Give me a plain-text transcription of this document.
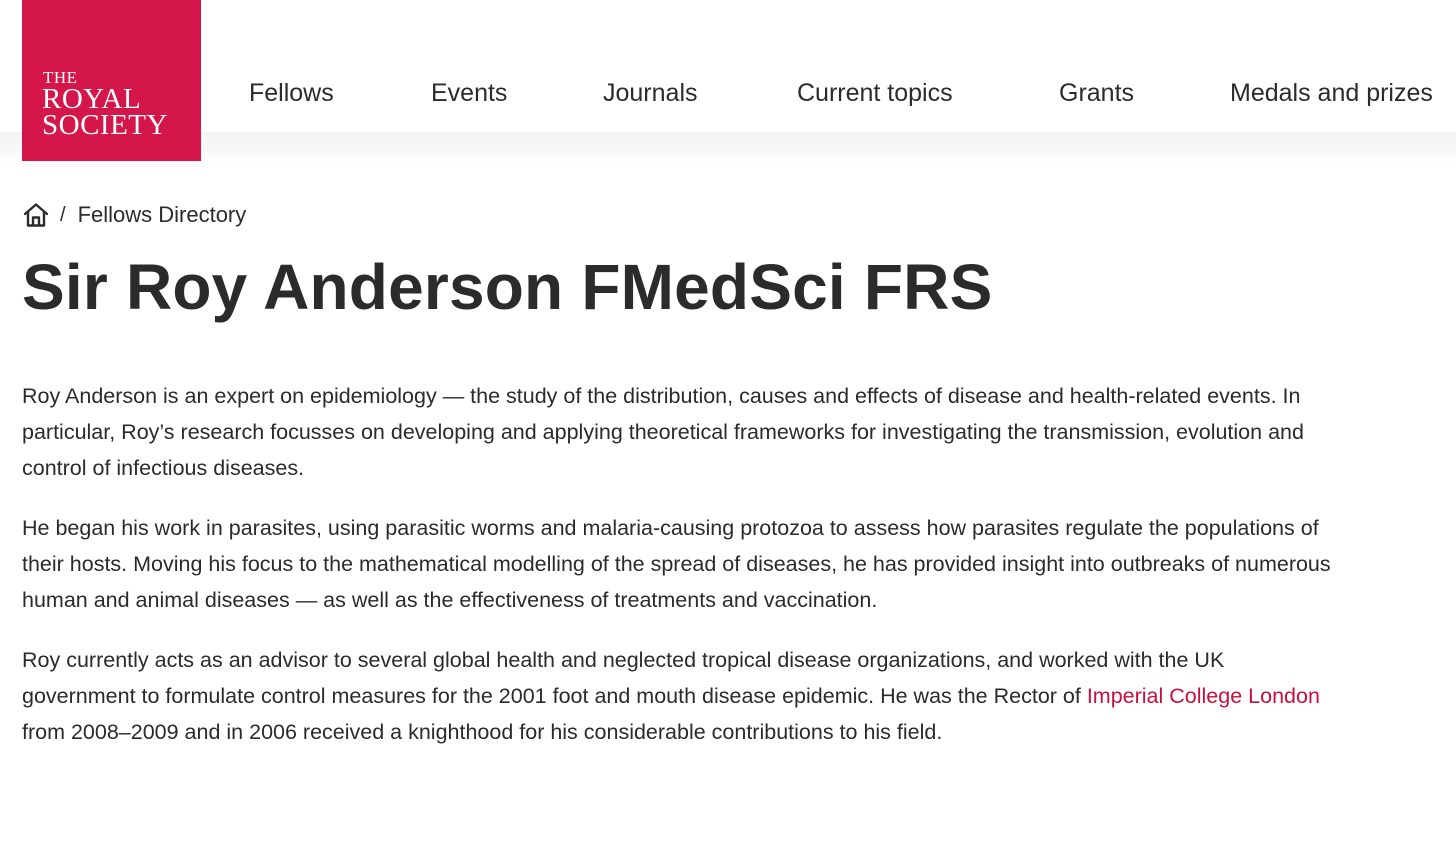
Fellows	Events	Journals	Current topics	Grants	Medals and prizes
THE
ROYAL
SOCIETY
/ Fellows Directory
Sir Roy Anderson FMedSci FRS

Roy Anderson is an expert on epidemiology — the study of the distribution, causes and effects of disease and health-related events. In particular, Roy’s research focusses on developing and applying theoretical frameworks for investigating the transmission, evolution and control of infectious diseases.

He began his work in parasites, using parasitic worms and malaria-causing protozoa to assess how parasites regulate the populations of their hosts. Moving his focus to the mathematical modelling of the spread of diseases, he has provided insight into outbreaks of numerous human and animal diseases — as well as the effectiveness of treatments and vaccination.

Roy currently acts as an advisor to several global health and neglected tropical disease organizations, and worked with the UK government to formulate control measures for the 2001 foot and mouth disease epidemic. He was the Rector of Imperial College London from 2008–2009 and in 2006 received a knighthood for his considerable contributions to his field.
